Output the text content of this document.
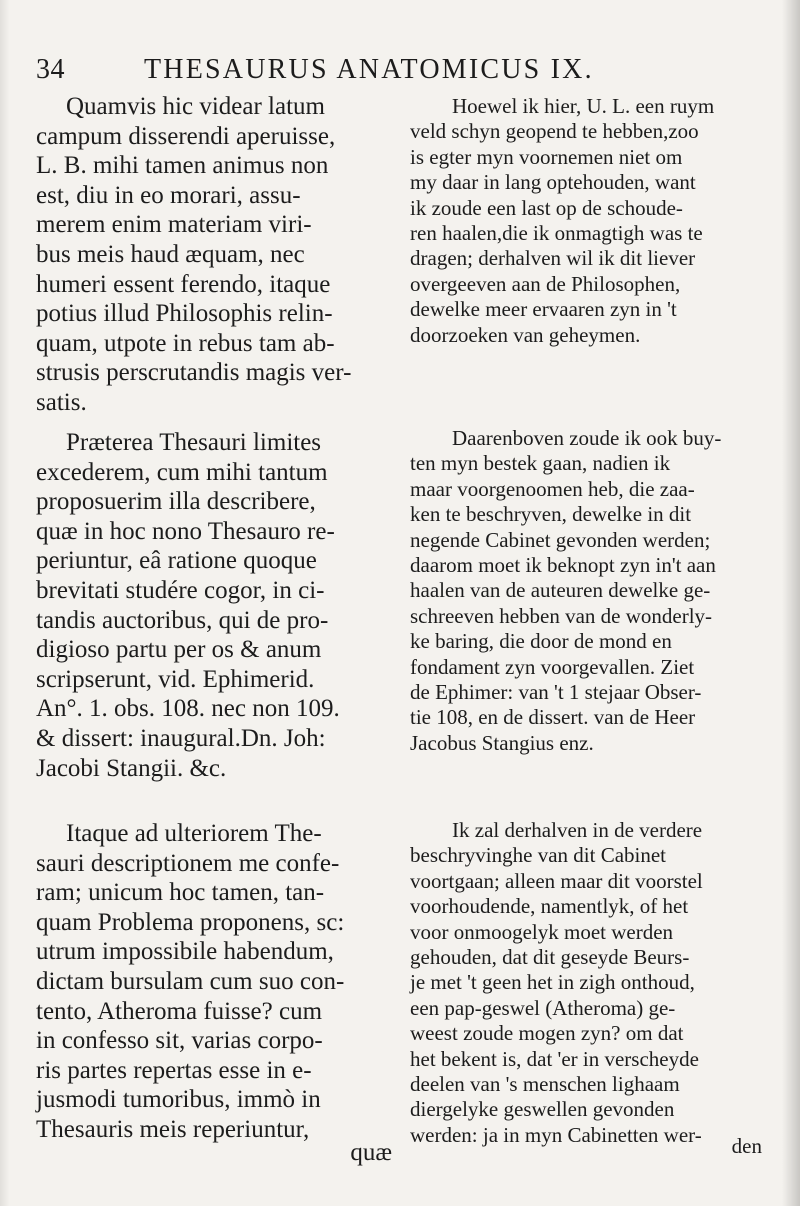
34	THESAURUS ANATOMICUS IX.
Quamvis hic videar latum
campum disserendi aperuisse,
L. B. mihi tamen animus non
est, diu in eo morari, assu-
merem enim materiam viri-
bus meis haud æquam, nec
humeri essent ferendo, itaque
potius illud Philosophis relin-
quam, utpote in rebus tam ab-
strusis perscrutandis magis ver-
satis.
Præterea Thesauri limites
excederem, cum mihi tantum
proposuerim illa describere,
quæ in hoc nono Thesauro re-
periuntur, eâ ratione quoque
brevitati studére cogor, in ci-
tandis auctoribus, qui de pro-
digioso partu per os & anum
scripserunt, vid. Ephimerid.
An°. 1. obs. 108. nec non 109.
& dissert: inaugural.Dn. Joh:
Jacobi Stangii. &c.
Itaque ad ulteriorem The-
sauri descriptionem me confe-
ram; unicum hoc tamen, tan-
quam Problema proponens, sc:
utrum impossibile habendum,
dictam bursulam cum suo con-
tento, Atheroma fuisse? cum
in confesso sit, varias corpo-
ris partes repertas esse in e-
jusmodi tumoribus, immò in
Thesauris meis reperiuntur,
quæ
Hoewel ik hier, U. L. een ruym
veld schyn geopend te hebben,zoo
is egter myn voornemen niet om
my daar in lang optehouden, want
ik zoude een last op de schoude-
ren haalen,die ik onmagtigh was te
dragen; derhalven wil ik dit liever
overgeeven aan de Philosophen,
dewelke meer ervaaren zyn in 't
doorzoeken van geheymen.
Daarenboven zoude ik ook buy-
ten myn bestek gaan, nadien ik
maar voorgenoomen heb, die zaa-
ken te beschryven, dewelke in dit
negende Cabinet gevonden werden;
daarom moet ik beknopt zyn in't aan
haalen van de auteuren dewelke ge-
schreeven hebben van de wonderly-
ke baring, die door de mond en
fondament zyn voorgevallen. Ziet
de Ephimer: van 't 1 stejaar Obser-
tie 108, en de dissert. van de Heer
Jacobus Stangius enz.
Ik zal derhalven in de verdere
beschryvinghe van dit Cabinet
voortgaan; alleen maar dit voorstel
voorhoudende, namentlyk, of het
voor onmoogelyk moet werden
gehouden, dat dit geseyde Beurs-
je met 't geen het in zigh onthoud,
een pap-geswel (Atheroma) ge-
weest zoude mogen zyn? om dat
het bekent is, dat 'er in verscheyde
deelen van 's menschen lighaam
diergelyke geswellen gevonden
werden: ja in myn Cabinetten wer-	den
